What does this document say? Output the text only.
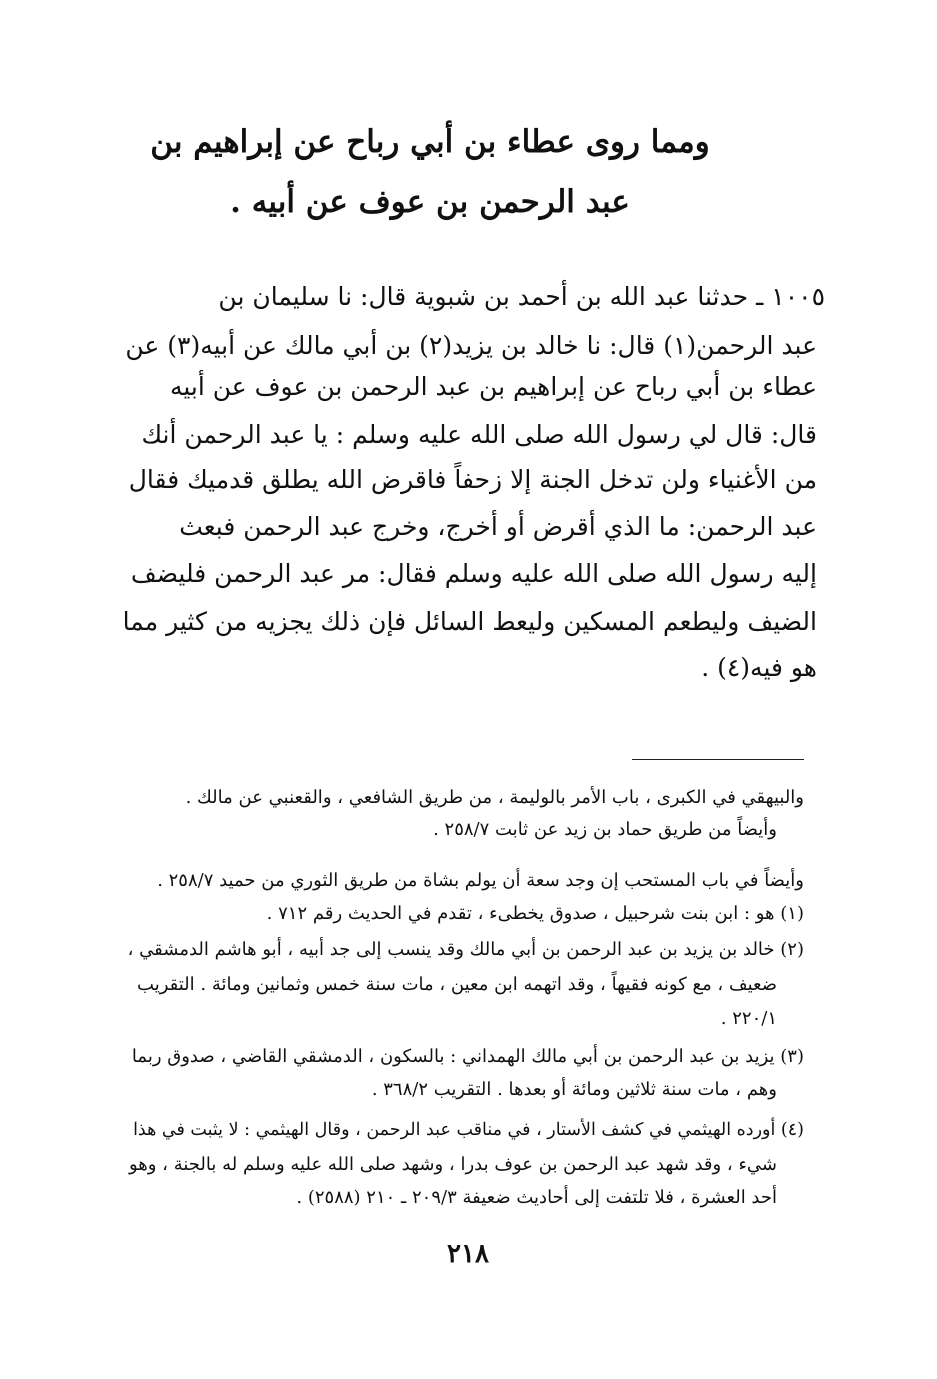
ومما روى عطاء بن أبي رباح عن إبراهيم بن
عبد الرحمن بن عوف عن أبيه .
١٠٠٥ ـ حدثنا عبد الله بن أحمد بن شبوية قال: نا سليمان بن
عبد الرحمن(١) قال: نا خالد بن يزيد(٢) بن أبي مالك عن أبيه(٣) عن
عطاء بن أبي رباح عن إبراهيم بن عبد الرحمن بن عوف عن أبيه
قال: قال لي رسول الله صلى الله عليه وسلم : يا عبد الرحمن أنك
من الأغنياء ولن تدخل الجنة إلا زحفاً فاقرض الله يطلق قدميك فقال
عبد الرحمن: ما الذي أقرض أو أخرج، وخرج عبد الرحمن فبعث
إليه رسول الله صلى الله عليه وسلم فقال: مر عبد الرحمن فليضف
الضيف وليطعم المسكين وليعط السائل فإن ذلك يجزيه من كثير مما
هو فيه(٤) .
والبيهقي في الكبرى ، باب الأمر بالوليمة ، من طريق الشافعي ، والقعنبي عن مالك .
وأيضاً من طريق حماد بن زيد عن ثابت ٢٥٨/٧ .
وأيضاً في باب المستحب إن وجد سعة أن يولم بشاة من طريق الثوري من حميد ٢٥٨/٧ .
(١) هو : ابن بنت شرحبيل ، صدوق يخطىء ، تقدم في الحديث رقم ٧١٢ .
(٢) خالد بن يزيد بن عبد الرحمن بن أبي مالك وقد ينسب إلى جد أبيه ، أبو هاشم الدمشقي ،
ضعيف ، مع كونه فقيهاً ، وقد اتهمه ابن معين ، مات سنة خمس وثمانين ومائة . التقريب
٢٢٠/١ .
(٣) يزيد بن عبد الرحمن بن أبي مالك الهمداني : بالسكون ، الدمشقي القاضي ، صدوق ربما
وهم ، مات سنة ثلاثين ومائة أو بعدها . التقريب ٣٦٨/٢ .
(٤) أورده الهيثمي في كشف الأستار ، في مناقب عبد الرحمن ، وقال الهيثمي : لا يثبت في هذا
شيء ، وقد شهد عبد الرحمن بن عوف بدرا ، وشهد صلى الله عليه وسلم له بالجنة ، وهو
أحد العشرة ، فلا تلتفت إلى أحاديث ضعيفة ٢٠٩/٣ ـ ٢١٠ (٢٥٨٨) .
٢١٨
